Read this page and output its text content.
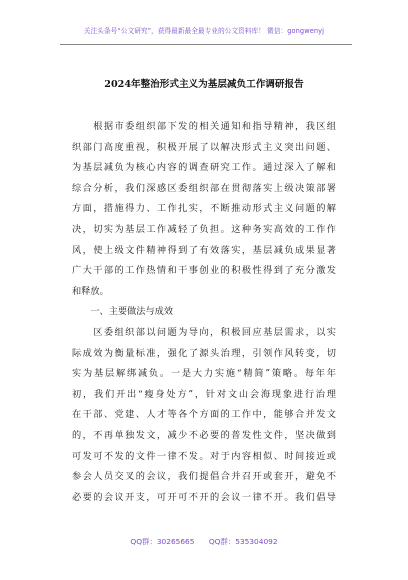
关注头条号“公文研究”，获得最新最全最专业的公文资料库！ 微信：gongwenyj
2024年整治形式主义为基层减负工作调研报告

　　根据市委组织部下发的相关通知和指导精神，我区组

织部门高度重视，积极开展了以解决形式主义突出问题、

为基层减负为核心内容的调查研究工作。通过深入了解和

综合分析，我们深感区委组织部在贯彻落实上级决策部署

方面，措施得力、工作扎实，不断推动形式主义问题的解

决，切实为基层工作减轻了负担。这种务实高效的工作作

风，使上级文件精神得到了有效落实，基层减负成果显著

广大干部的工作热情和干事创业的积极性得到了充分激发

和释放。

　　一、主要做法与成效

　　区委组织部以问题为导向，积极回应基层需求，以实

际成效为衡量标准，强化了源头治理，引领作风转变，切

实为基层解绑减负。一是大力实施“精简”策略。每年年

初，我们开出“瘦身处方”，针对文山会海现象进行治理

在干部、党建、人才等各个方面的工作中，能够合并发文

的，不再单独发文，减少不必要的普发性文件，坚决做到

可发可不发的文件一律不发。对于内容相似、时间接近或

参会人员交叉的会议，我们提倡合并召开或套开，避免不

必要的会议开支，可开可不开的会议一律不开。我们倡导

QQ群：30265665 QQ群：535304092
